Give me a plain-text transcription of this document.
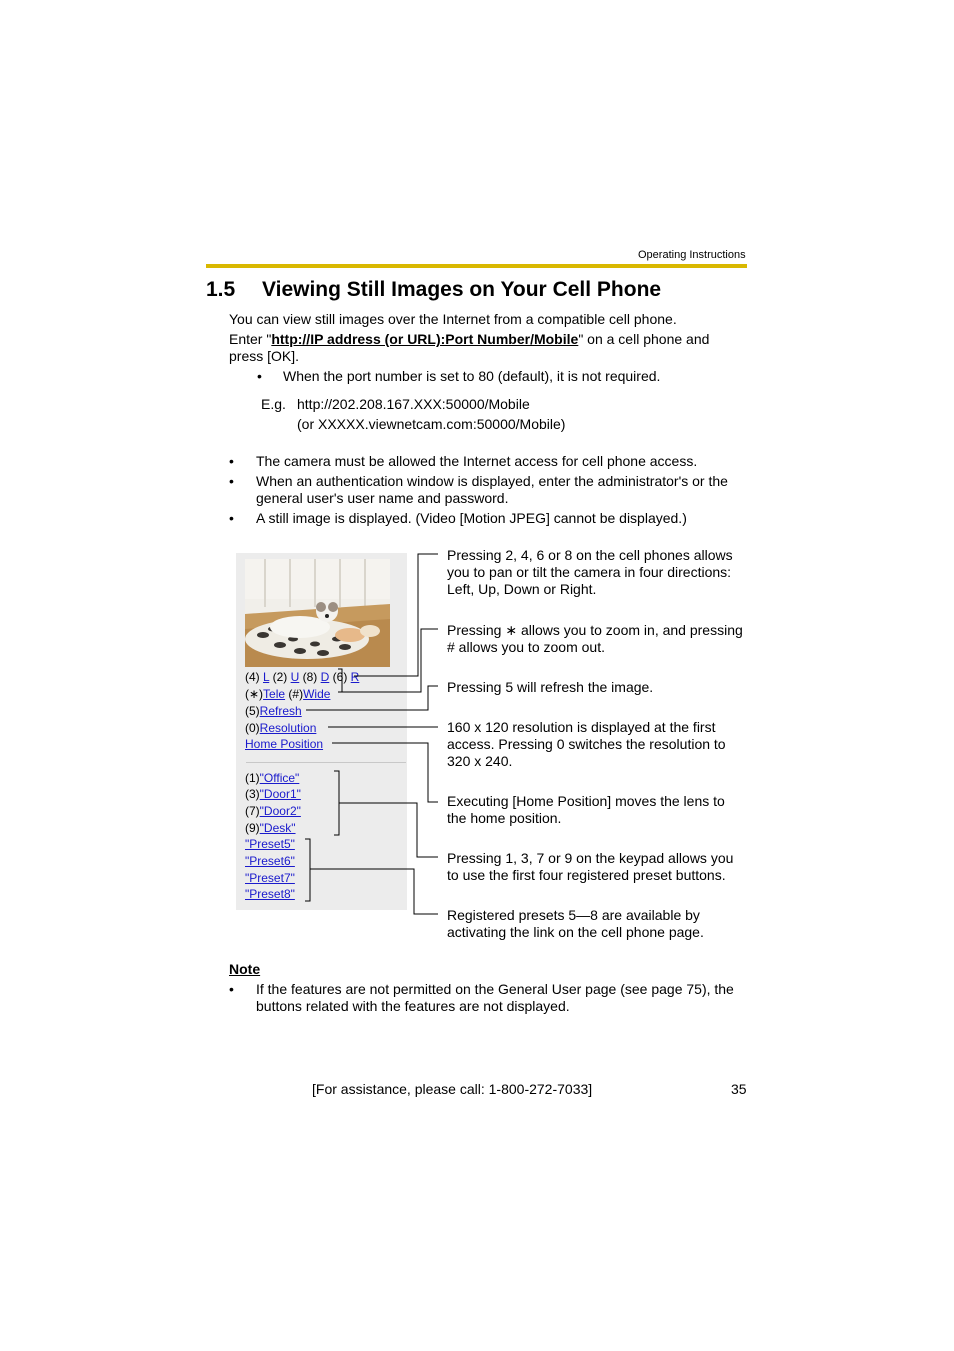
Operating Instructions
1.5 Viewing Still Images on Your Cell Phone
You can view still images over the Internet from a compatible cell phone.
Enter "http://IP address (or URL):Port Number/Mobile" on a cell phone and
press [OK].
• When the port number is set to 80 (default), it is not required.
E.g. http://202.208.167.XXX:50000/Mobile
(or XXXXX.viewnetcam.com:50000/Mobile)
• The camera must be allowed the Internet access for cell phone access.
• When an authentication window is displayed, enter the administrator's or the
general user's user name and password.
• A still image is displayed. (Video [Motion JPEG] cannot be displayed.)
(4) L (2) U (8) D (6) R
(∗)Tele (#)Wide
(5)Refresh
(0)Resolution
Home Position
(1)"Office"
(3)"Door1"
(7)"Door2"
(9)"Desk"
"Preset5"
"Preset6"
"Preset7"
"Preset8"
Pressing 2, 4, 6 or 8 on the cell phones allows
you to pan or tilt the camera in four directions:
Left, Up, Down or Right.
Pressing ∗ allows you to zoom in, and pressing
# allows you to zoom out.
Pressing 5 will refresh the image.
160 x 120 resolution is displayed at the first
access. Pressing 0 switches the resolution to
320 x 240.
Executing [Home Position] moves the lens to
the home position.
Pressing 1, 3, 7 or 9 on the keypad allows you
to use the first four registered preset buttons.
Registered presets 5—8 are available by
activating the link on the cell phone page.
Note
• If the features are not permitted on the General User page (see page 75), the
buttons related with the features are not displayed.
[For assistance, please call: 1-800-272-7033]	35
